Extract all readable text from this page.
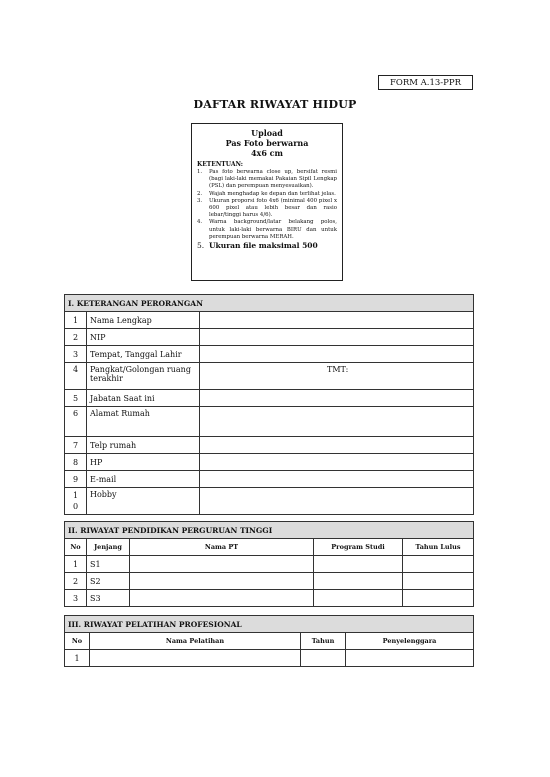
FORM A.13-PPR
DAFTAR RIWAYAT HIDUP
Upload
Pas Foto berwarna
4x6 cm
KETENTUAN:
1.	Pas foto berwarna close up, bersifat resmi (bagi laki-laki memakai Pakaian Sipil Lengkap (PSL) dan perempuan menyesuaikan).
2.	Wajah menghadap ke depan dan terlihat jelas.
3.	Ukuran proporsi foto 4x6 (minimal 400 pixel x 600 pixel atau lebih besar dan rasio lebar/tinggi harus 4/6).
4.	Warna background/latar belakang polos, untuk laki-laki berwarna BIRU dan untuk perempuan berwarna MERAH.
5. Ukuran file maksimal 500
I. KETERANGAN PERORANGAN		
1	Nama Lengkap	
2	NIP	
3	Tempat, Tanggal Lahir	
4	Pangkat/Golongan ruang terakhir	TMT:
5	Jabatan Saat ini	
6	Alamat Rumah	
7	Telp rumah	
8	HP	
9	E-mail	
1
0	Hobby	
II. RIWAYAT PENDIDIKAN PERGURUAN TINGGI				
No	Jenjang	Nama PT	Program Studi	Tahun Lulus
1	S1			
2	S2			
3	S3			
III. RIWAYAT PELATIHAN PROFESIONAL			
No	Nama Pelatihan	Tahun	Penyelenggara
1			
